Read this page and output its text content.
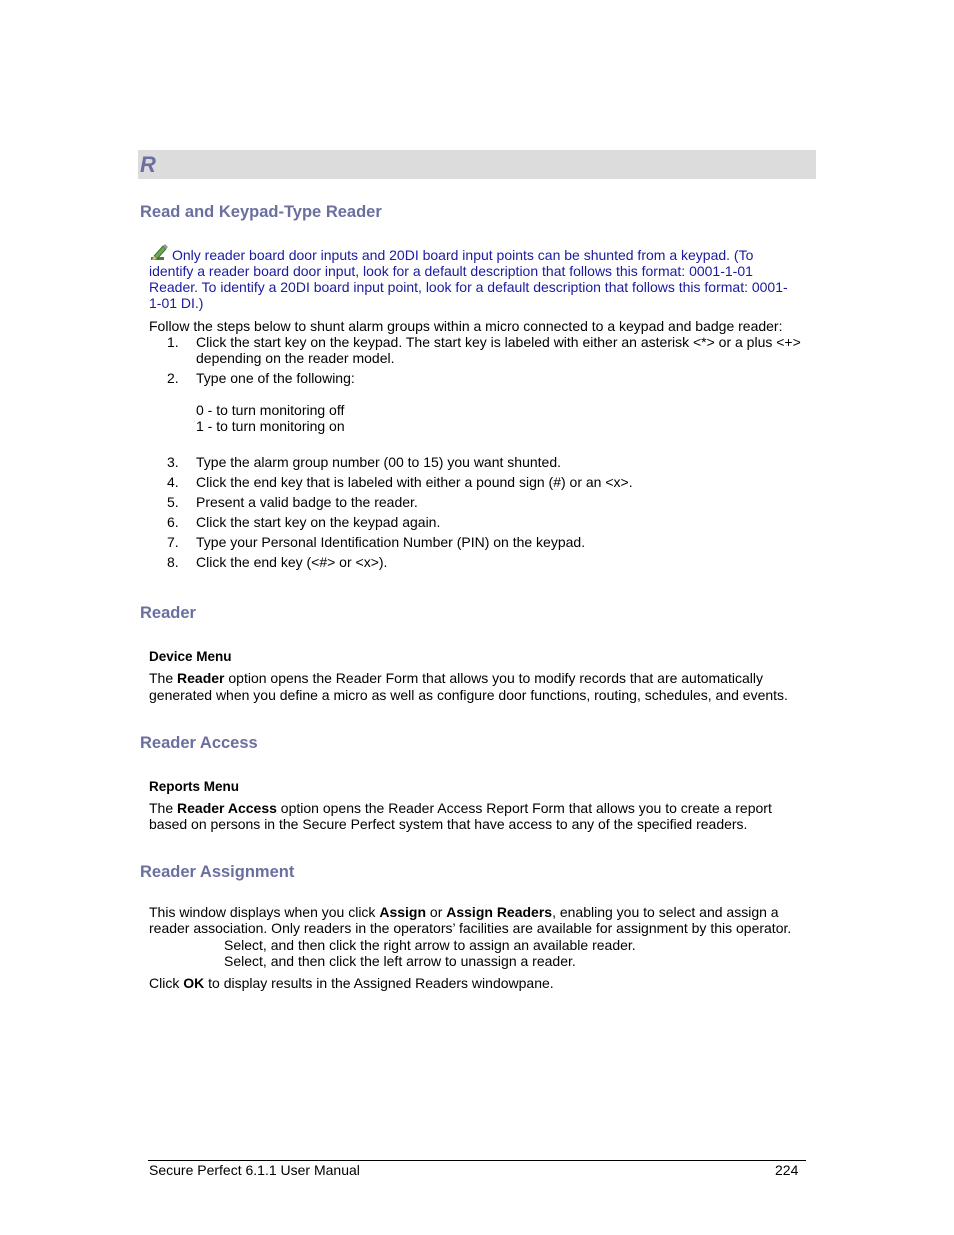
R
Read and Keypad-Type Reader
Only reader board door inputs and 20DI board input points can be shunted from a keypad. (To
identify a reader board door input, look for a default description that follows this format: 0001-1-01
Reader. To identify a 20DI board input point, look for a default description that follows this format: 0001-
1-01 DI.)
Follow the steps below to shunt alarm groups within a micro connected to a keypad and badge reader:
1. Click the start key on the keypad. The start key is labeled with either an asterisk <*> or a plus <+>
depending on the reader model.
2. Type one of the following:
0 - to turn monitoring off
1 - to turn monitoring on
3. Type the alarm group number (00 to 15) you want shunted.
4. Click the end key that is labeled with either a pound sign (#) or an <x>.
5. Present a valid badge to the reader.
6. Click the start key on the keypad again.
7. Type your Personal Identification Number (PIN) on the keypad.
8. Click the end key (<#> or <x>).
Reader
Device Menu
The Reader option opens the Reader Form that allows you to modify records that are automatically
generated when you define a micro as well as configure door functions, routing, schedules, and events.
Reader Access
Reports Menu
The Reader Access option opens the Reader Access Report Form that allows you to create a report
based on persons in the Secure Perfect system that have access to any of the specified readers.
Reader Assignment
This window displays when you click Assign or Assign Readers, enabling you to select and assign a
reader association. Only readers in the operators’ facilities are available for assignment by this operator.
Select, and then click the right arrow to assign an available reader.
Select, and then click the left arrow to unassign a reader.
Click OK to display results in the Assigned Readers windowpane.
Secure Perfect 6.1.1 User Manual	224
